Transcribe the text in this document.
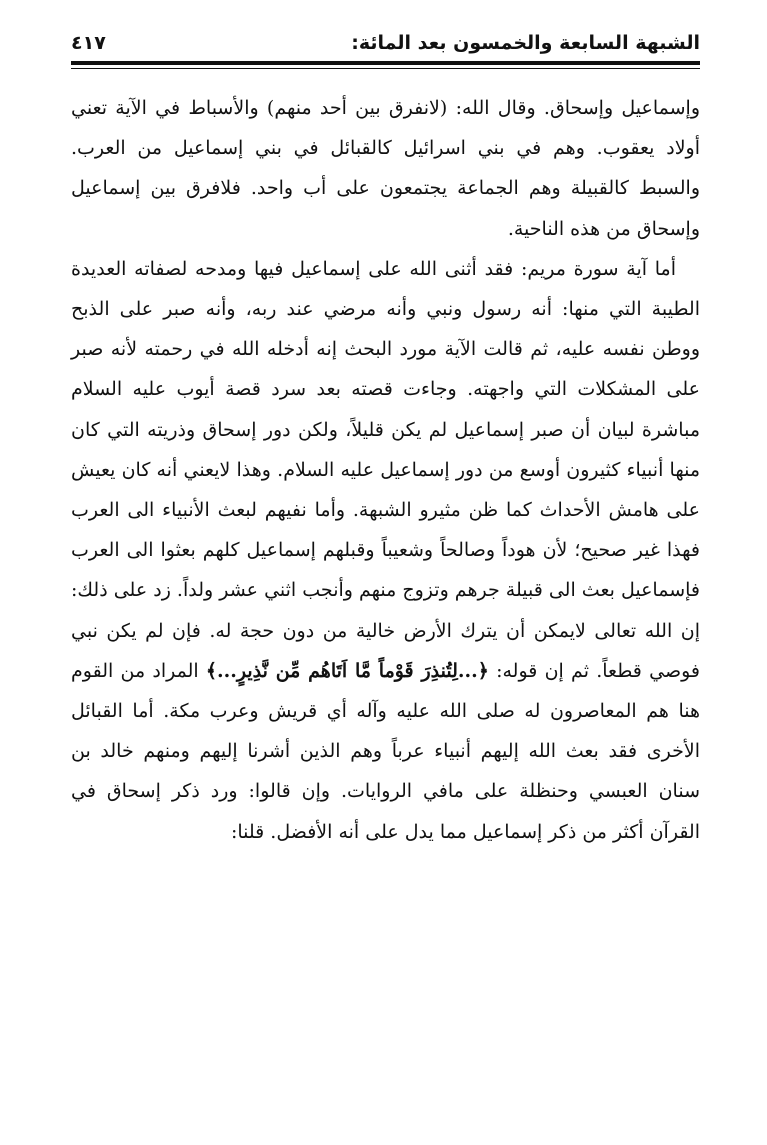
الشبهة السابعة والخمسون بعد المائة:
٤١٧

وإسماعيل وإسحاق. وقال الله: (لانفرق بين أحد منهم) والأسباط في الآية تعني أولاد يعقوب. وهم في بني اسرائيل كالقبائل في بني إسماعيل من العرب. والسبط كالقبيلة وهم الجماعة يجتمعون على أب واحد. فلافرق بين إسماعيل وإسحاق من هذه الناحية.

أما آية سورة مريم: فقد أثنى الله على إسماعيل فيها ومدحه لصفاته العديدة الطيبة التي منها: أنه رسول ونبي وأنه مرضي عند ربه، وأنه صبر على الذبح ووطن نفسه عليه، ثم قالت الآية مورد البحث إنه أدخله الله في رحمته لأنه صبر على المشكلات التي واجهته. وجاءت قصته بعد سرد قصة أيوب عليه السلام مباشرة لبيان أن صبر إسماعيل لم يكن قليلاً، ولكن دور إسحاق وذريته التي كان منها أنبياء كثيرون أوسع من دور إسماعيل عليه السلام. وهذا لايعني أنه كان يعيش على هامش الأحداث كما ظن مثيرو الشبهة. وأما نفيهم لبعث الأنبياء الى العرب فهذا غير صحيح؛ لأن هوداً وصالحاً وشعيباً وقبلهم إسماعيل كلهم بعثوا الى العرب فإسماعيل بعث الى قبيلة جرهم وتزوج منهم وأنجب اثني عشر ولداً. زد على ذلك: إن الله تعالى لايمكن أن يترك الأرض خالية من دون حجة له. فإن لم يكن نبي فوصي قطعاً. ثم إن قوله: ﴿...لِتُنذِرَ قَوْماً مَّا اَتَاهُم مِّن نَّذِيرٍ...﴾ المراد من القوم هنا هم المعاصرون له صلى الله عليه وآله أي قريش وعرب مكة. أما القبائل الأخرى فقد بعث الله إليهم أنبياء عرباً وهم الذين أشرنا إليهم ومنهم خالد بن سنان العبسي وحنظلة على مافي الروايات. وإن قالوا: ورد ذكر إسحاق في القرآن أكثر من ذكر إسماعيل مما يدل على أنه الأفضل. قلنا:
